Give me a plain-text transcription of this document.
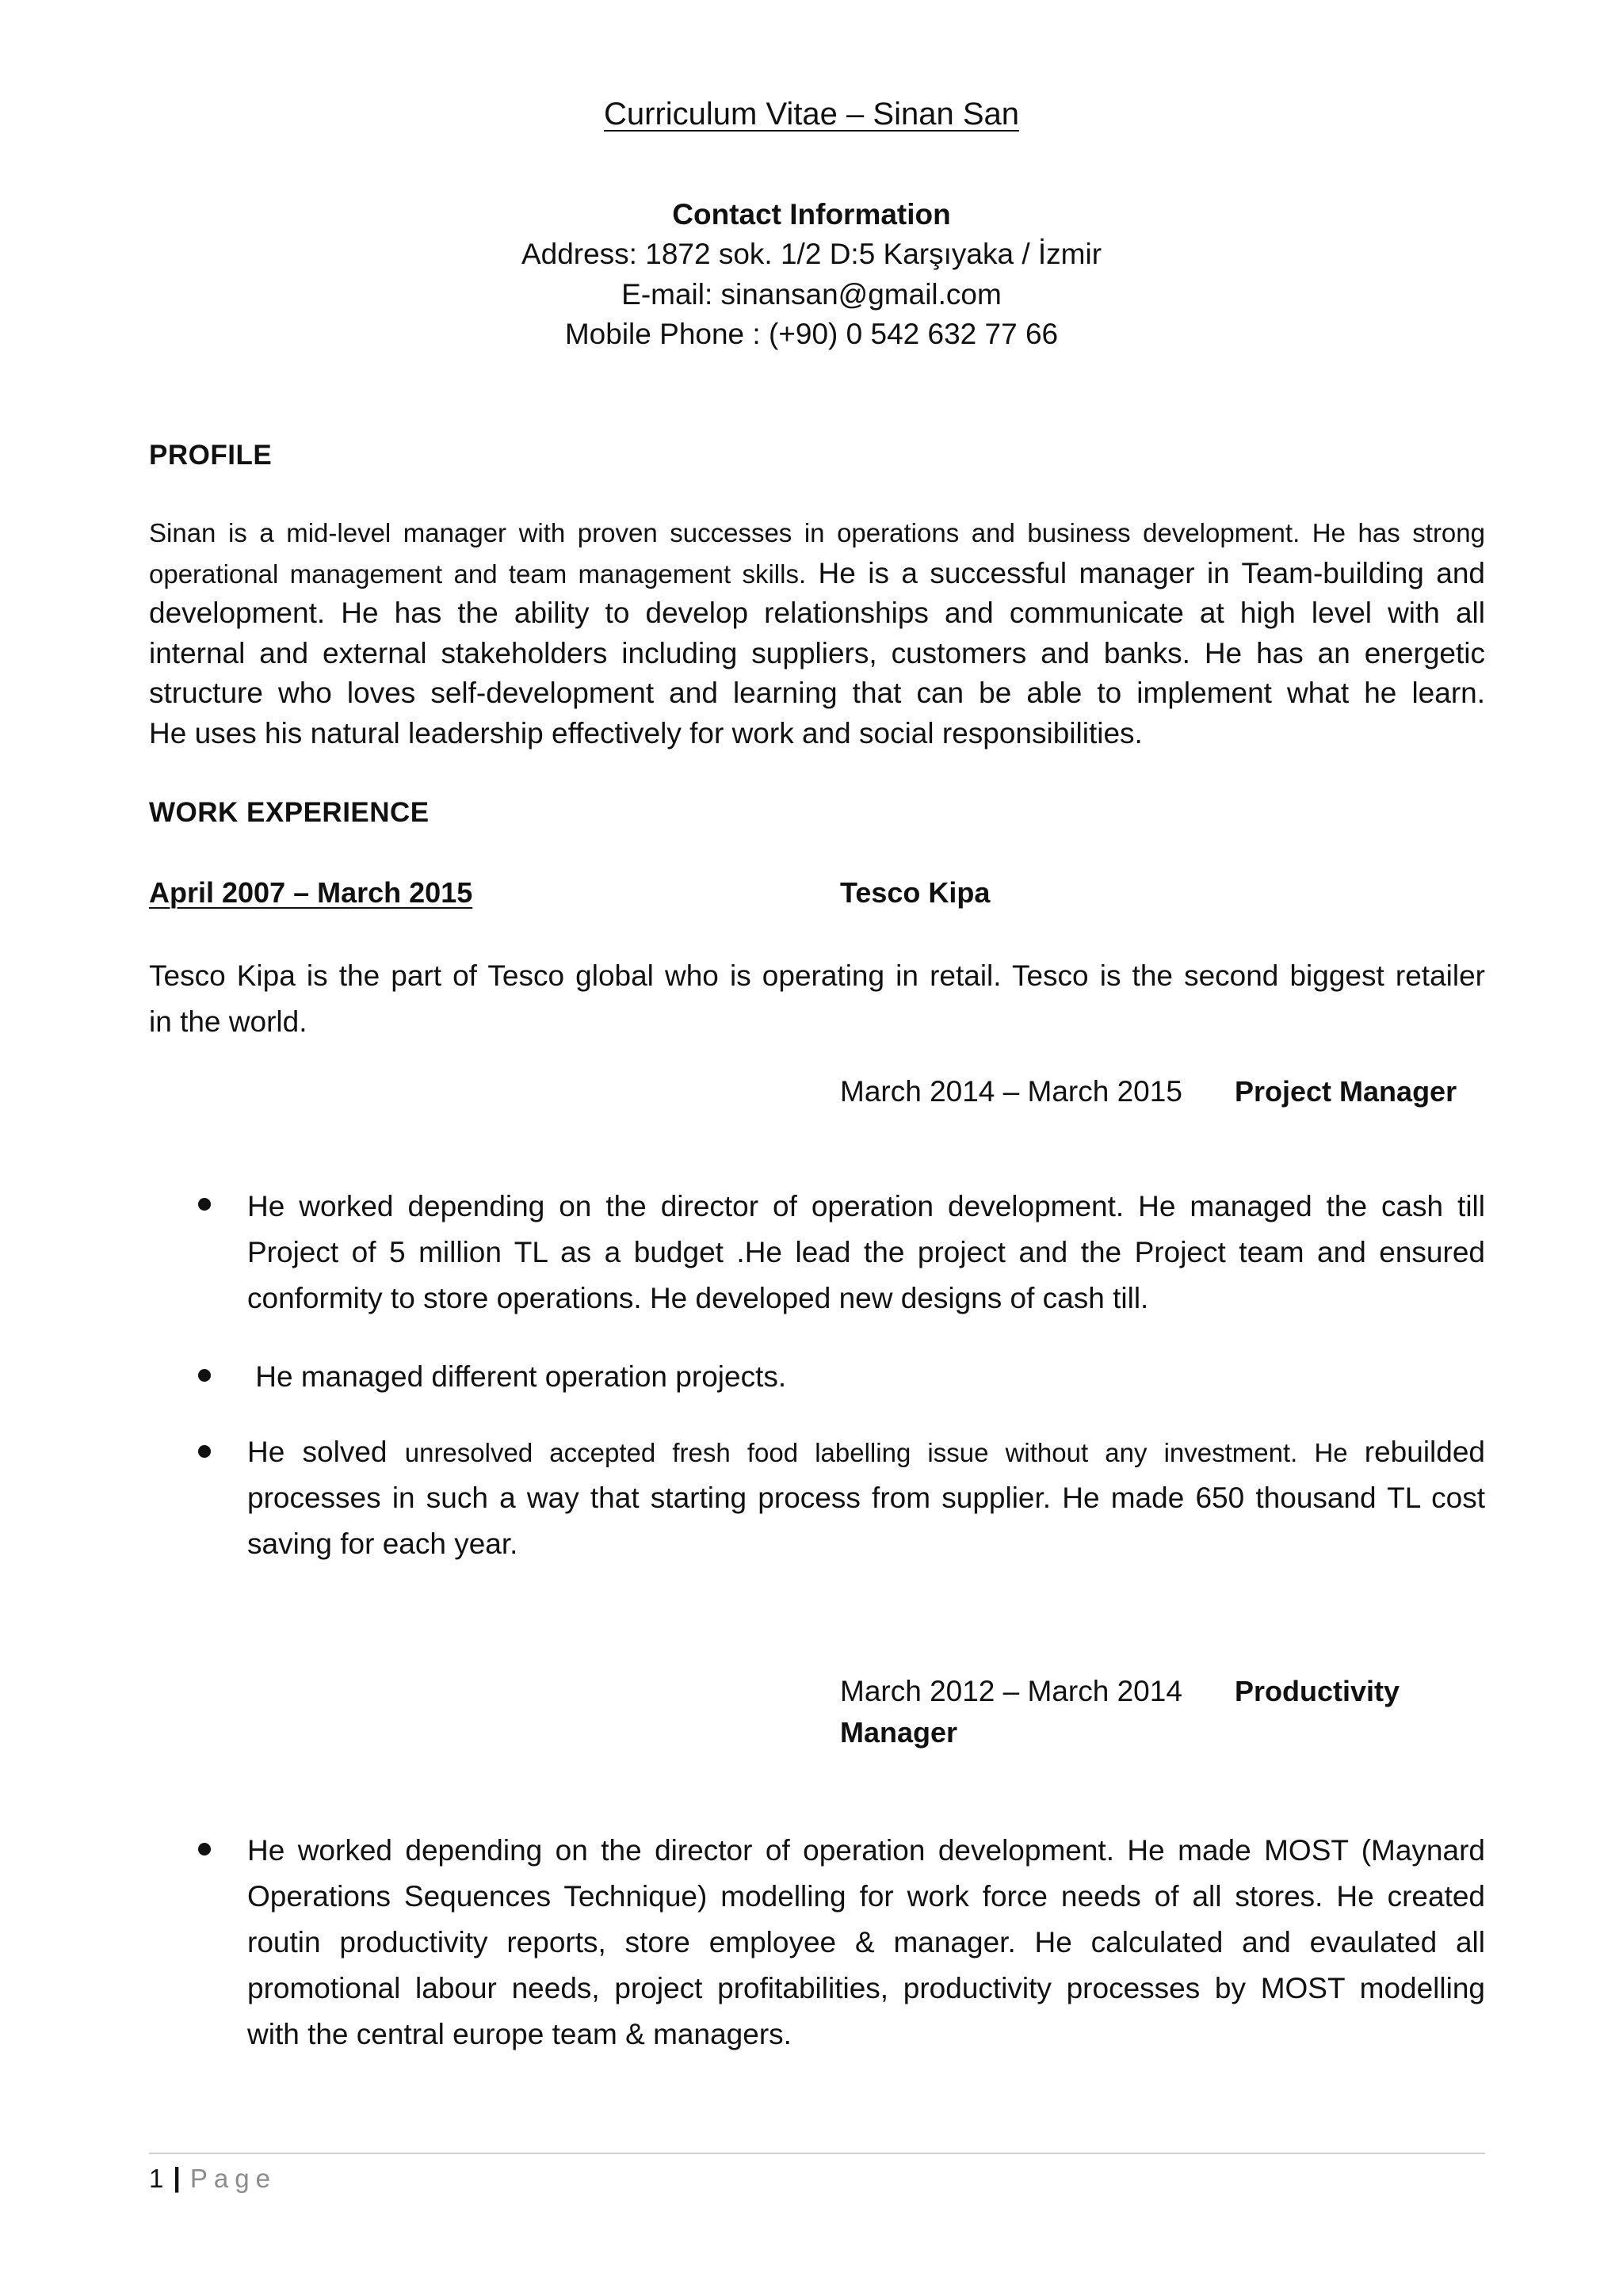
Curriculum Vitae – Sinan San
Contact Information
Address: 1872 sok. 1/2 D:5 Karşıyaka / İzmir
E-mail: sinansan@gmail.com
Mobile Phone : (+90) 0 542 632 77 66
PROFILE
Sinan is a mid-level manager with proven successes in operations and business development. He has strong
operational management and team management skills. He is a successful manager in Team-building and
development. He has the ability to develop relationships and communicate at high level with all
internal and external stakeholders including suppliers, customers and banks. He has an energetic
structure who loves self-development and learning that can be able to implement what he learn.
He uses his natural leadership effectively for work and social responsibilities.
WORK EXPERIENCE
April 2007 – March 2015	Tesco Kipa
Tesco Kipa is the part of Tesco global who is operating in retail. Tesco is the second biggest retailer
in the world.
March 2014 – March 2015 Project Manager
He worked depending on the director of operation development. He managed the cash till
Project of 5 million TL as a budget .He lead the project and the Project team and ensured
conformity to store operations. He developed new designs of cash till.
He managed different operation projects.
He solved unresolved accepted fresh food labelling issue without any investment. He rebuilded
processes in such a way that starting process from supplier. He made 650 thousand TL cost
saving for each year.
March 2012 – March 2014 Productivity
Manager
He worked depending on the director of operation development. He made MOST (Maynard
Operations Sequences Technique) modelling for work force needs of all stores. He created
routin productivity reports, store employee & manager. He calculated and evaulated all
promotional labour needs, project profitabilities, productivity processes by MOST modelling
with the central europe team & managers.
1 | Page
